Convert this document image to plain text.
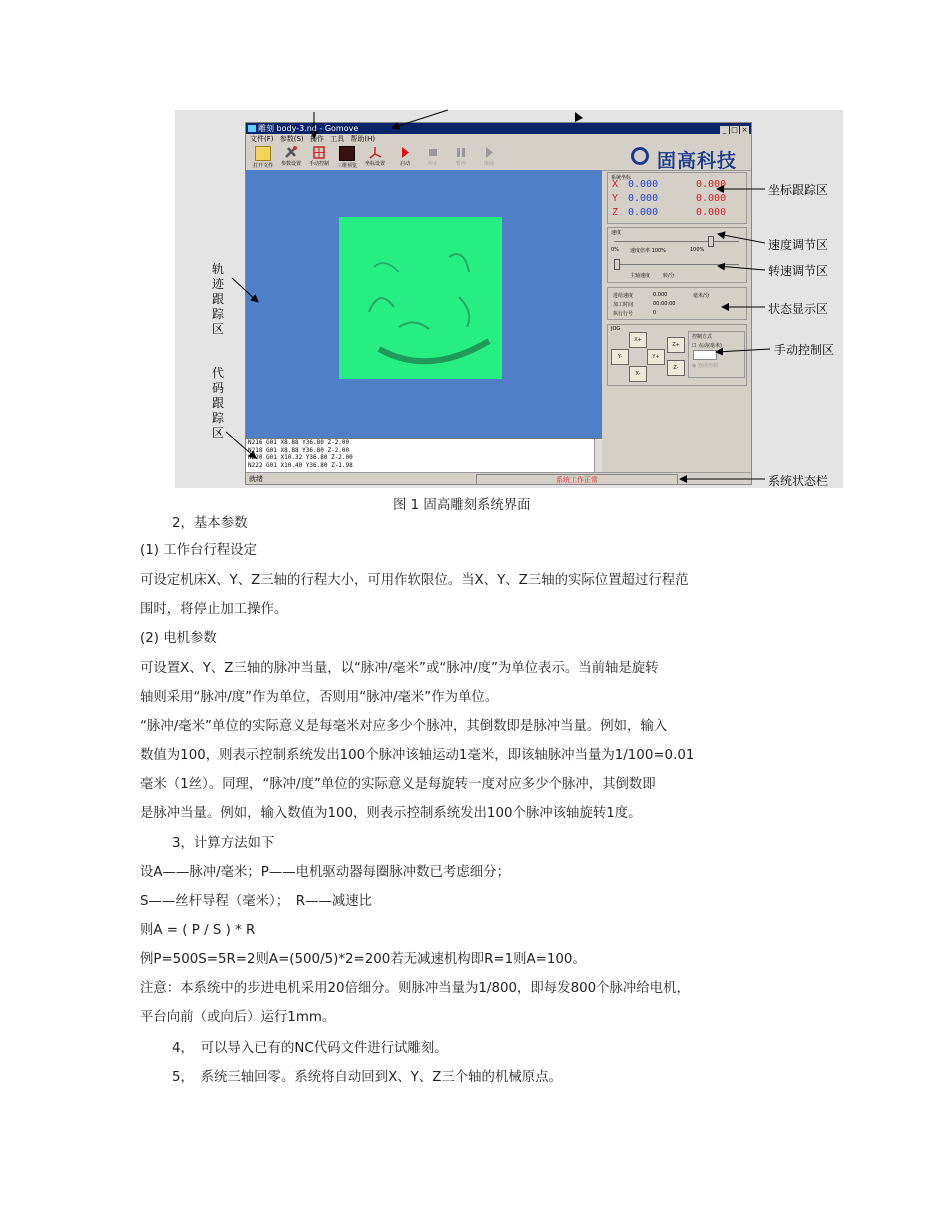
雕刻 body-3.nd - Gomove	_ □ ×
文件(F) 参数(S) 操作 工具 帮助(H)
打开文件	参数设置	手动控制	三维预览	坐标设置	启动	停止	暂停	继续	固高科技
N216 G01 X8.88 Y36.80 Z-2.00
N218 G01 X8.88 Y36.80 Z-2.00
N220 G01 X10.32 Y36.80 Z-2.00
N222 G01 X10.40 Y36.80 Z-1.98
系统坐标
X 0.000	0.000
Y 0.000	0.000
Z 0.000	0.000
速度
0% 速度倍率 100%	100%
主轴速度	转/分
进给速度	0.000	毫米/分
加工时间	00:00:00
执行行号	0
JOG
X+
X-
Y+
Y-
Z+
Z-
控制方式
☐ 点动(毫米)
◉ 连续控制
就绪	系统工作正常
坐标跟踪区
速度调节区
转速调节区
状态显示区
手动控制区
系统状态栏
轨迹跟踪区
代码跟踪区
图 1 固高雕刻系统界面
2，基本参数
(1) 工作台行程设定
可设定机床X、Y、Z三轴的行程大小，可用作软限位。当X、Y、Z三轴的实际位置超过行程范
围时，将停止加工操作。
(2) 电机参数
可设置X、Y、Z三轴的脉冲当量，以“脉冲/毫米”或“脉冲/度”为单位表示。当前轴是旋转
轴则采用“脉冲/度”作为单位，否则用“脉冲/毫米”作为单位。
“脉冲/毫米”单位的实际意义是每毫米对应多少个脉冲，其倒数即是脉冲当量。例如，输入
数值为100，则表示控制系统发出100个脉冲该轴运动1毫米，即该轴脉冲当量为1/100=0.01
毫米（1丝）。同理，“脉冲/度”单位的实际意义是每旋转一度对应多少个脉冲，其倒数即
是脉冲当量。例如，输入数值为100，则表示控制系统发出100个脉冲该轴旋转1度。
3，计算方法如下
设A——脉冲/毫米；P——电机驱动器每圈脉冲数已考虑细分；
S——丝杆导程（毫米）；　R——减速比
则A = ( P / S ) * R
例P=500S=5R=2则A=(500/5)*2=200若无减速机构即R=1则A=100。
注意：本系统中的步进电机采用20倍细分。则脉冲当量为1/800，即每发800个脉冲给电机，
平台向前（或向后）运行1mm。
4，　可以导入已有的NC代码文件进行试雕刻。
5，　系统三轴回零。系统将自动回到X、Y、Z三个轴的机械原点。
